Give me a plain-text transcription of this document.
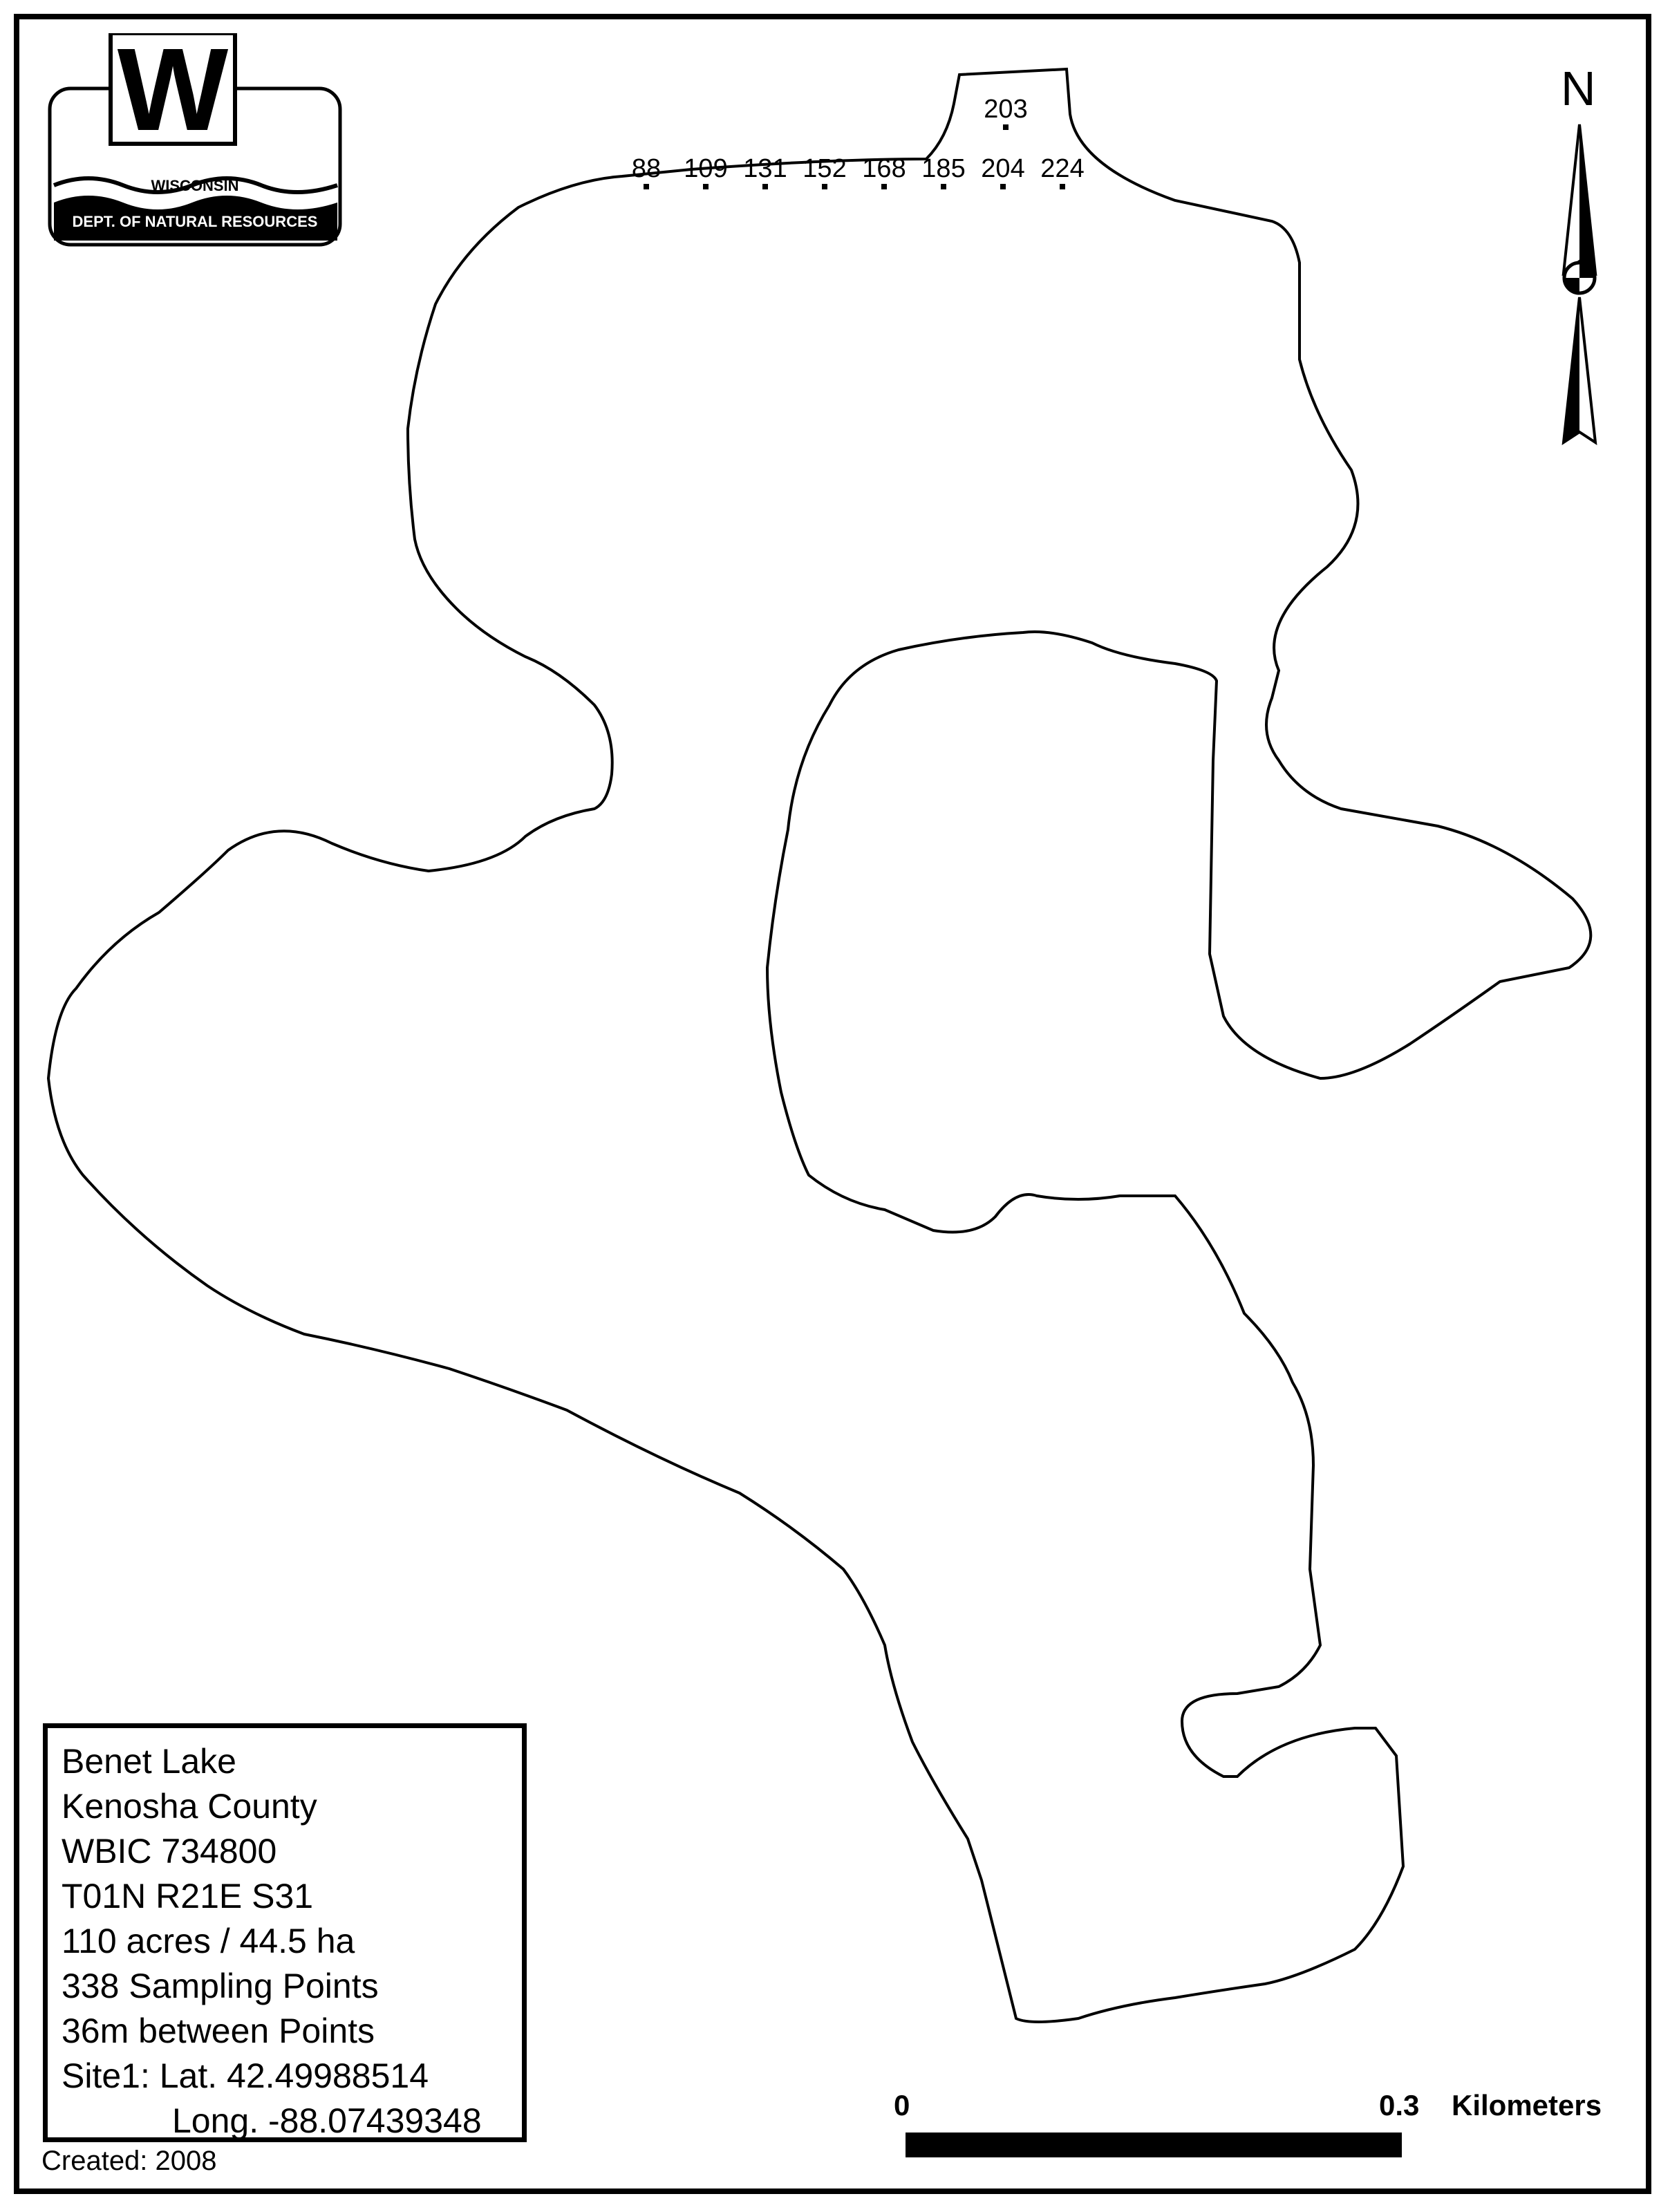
203
88 109 131 152 168 185 204 224
W
WISCONSIN
DEPT. OF NATURAL RESOURCES
N
Benet Lake
Kenosha County
WBIC 734800
T01N R21E S31
110 acres / 44.5 ha
338 Sampling Points
36m between Points
Site1: Lat. 42.49988514
Long. -88.07439348
Created: 2008
0	0.3 Kilometers
